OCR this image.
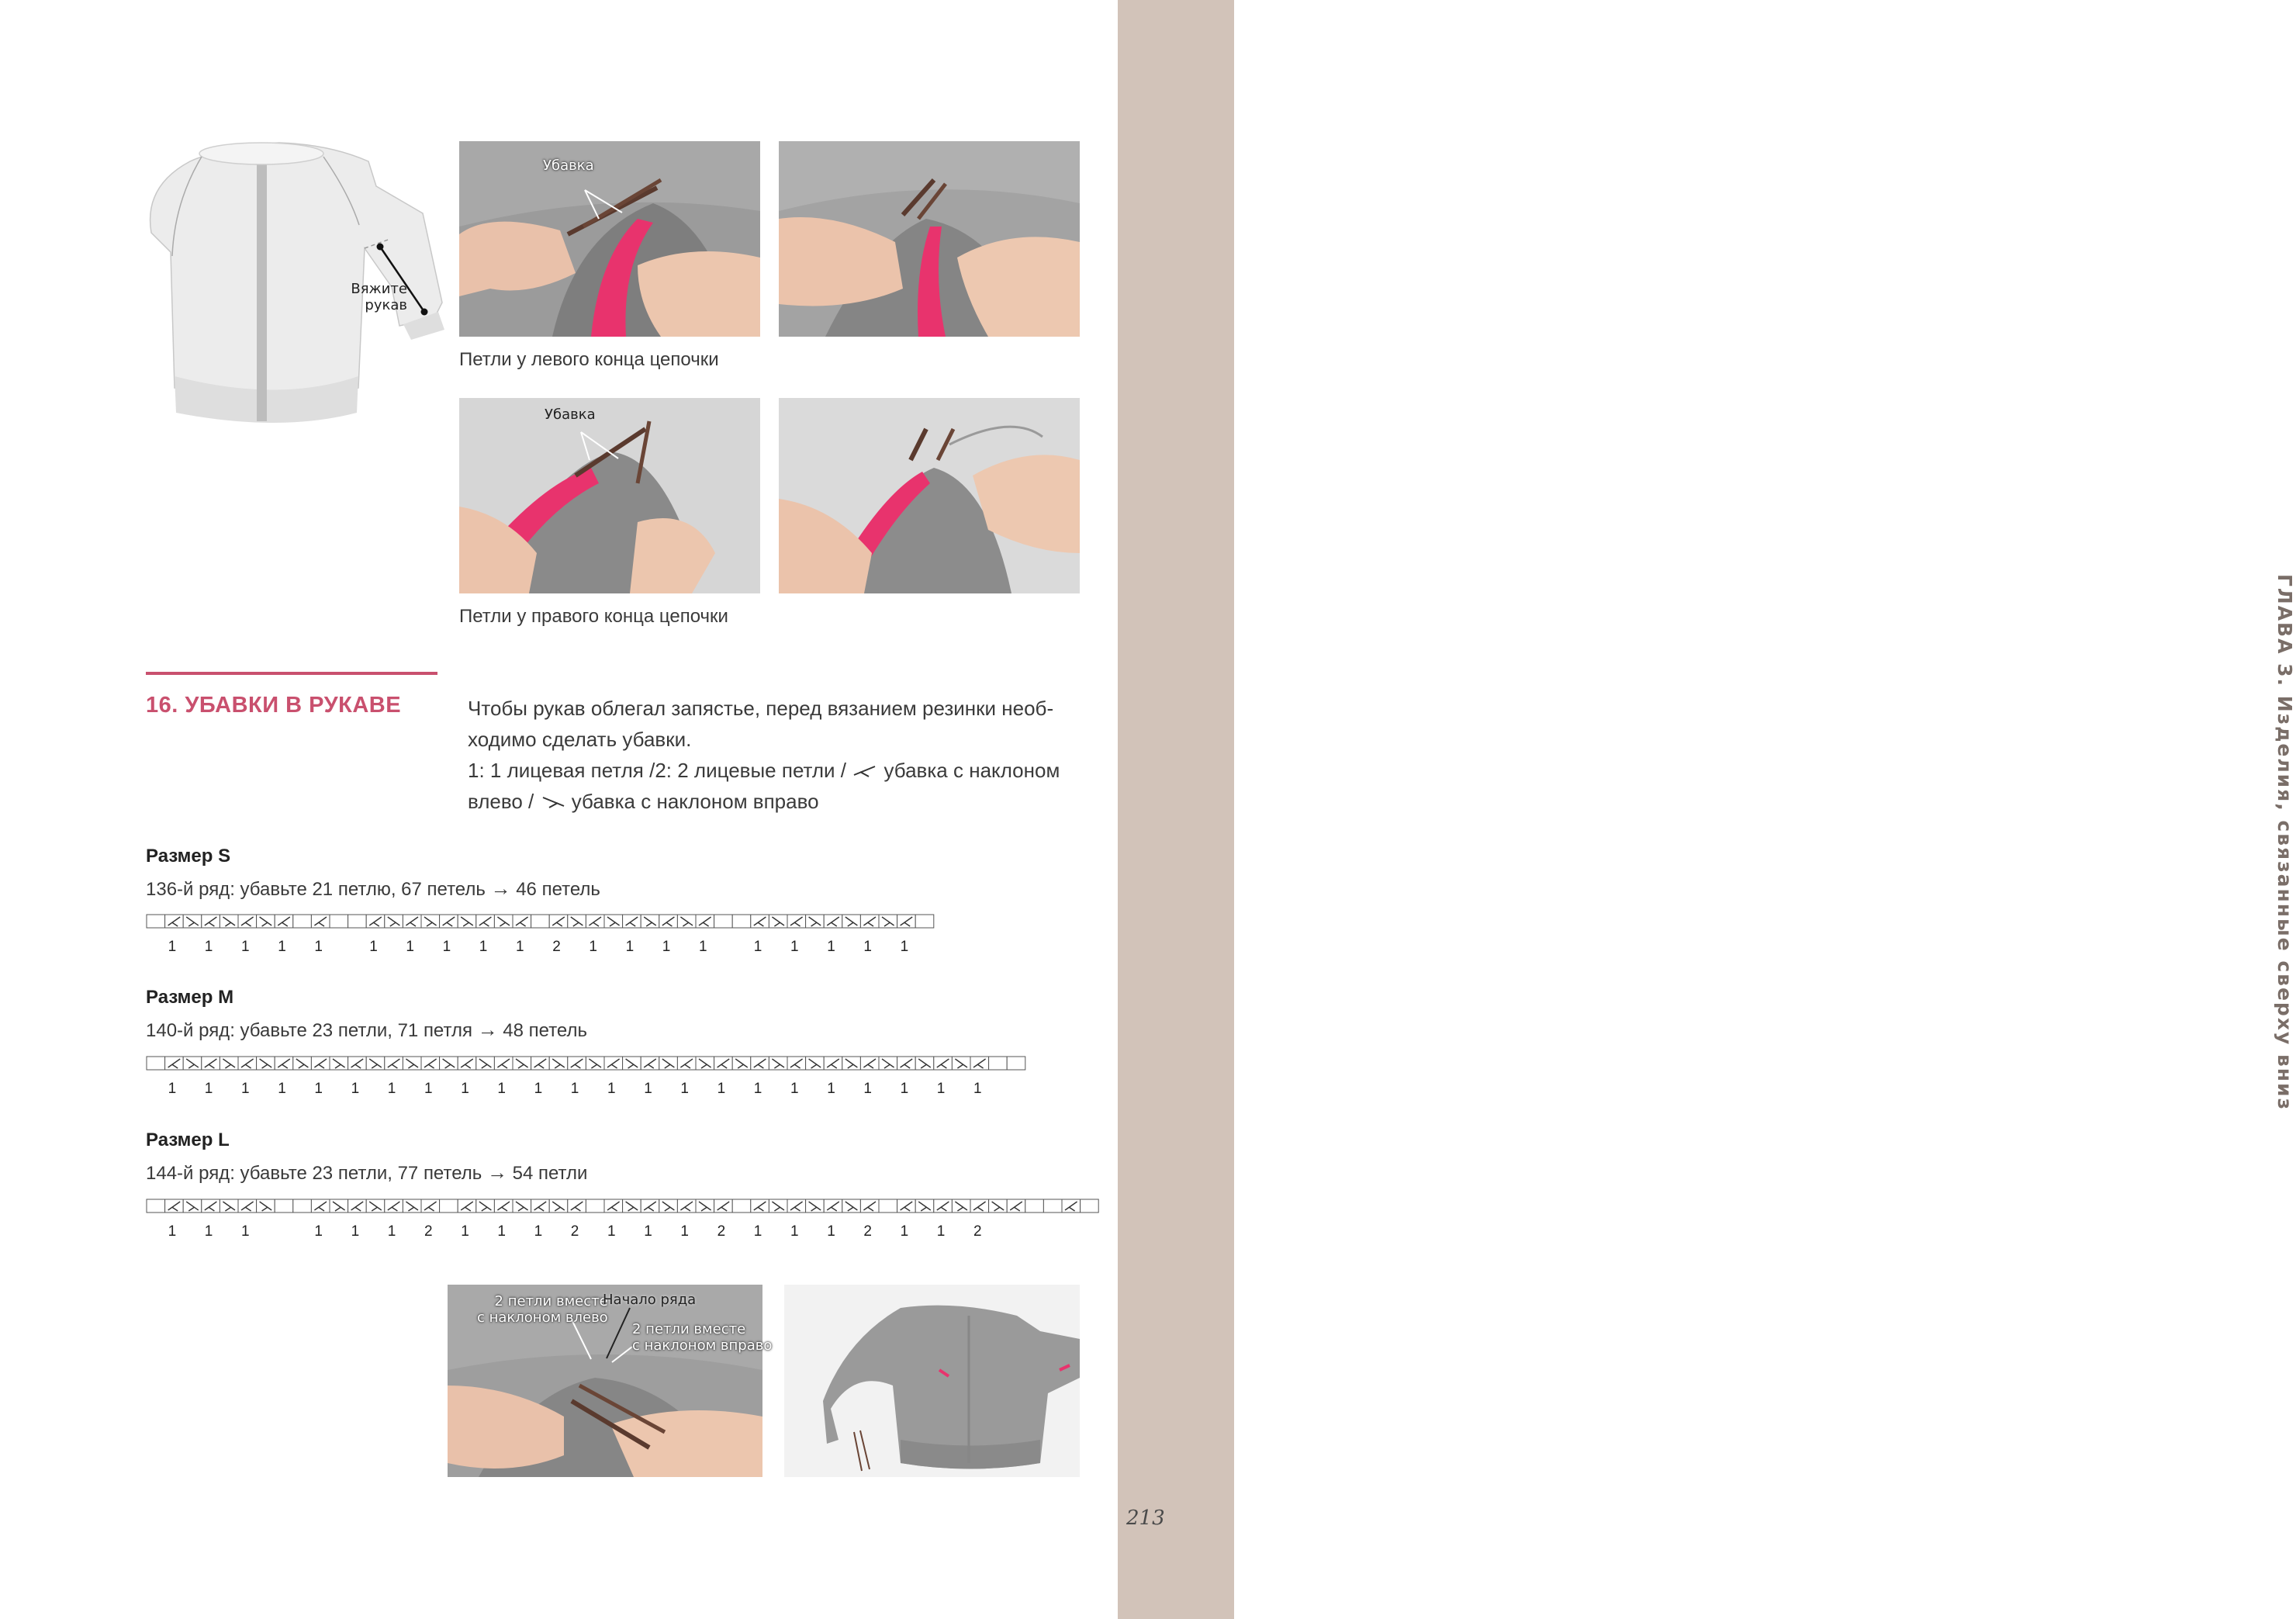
ГЛАВА 3. Изделия, связанные сверху вниз
213
Вяжите рукав
Убавка
Петли у левого конца цепочки
Убавка
Петли у правого конца цепочки
16. УБАВКИ В РУКАВЕ	Чтобы рукав облегал запястье, перед вязанием резинки необ-

ходимо сделать убавки.

1: 1 лицевая петля /2: 2 лицевые петли / убавка с наклоном

влево / убавка с наклоном вправо

Размер S
136-й ряд: убавьте 21 петлю, 67 петель → 46 петель
1 1 1 1 1	1 1 1 1 1 2 1 1 1 1	1 1 1 1 1
Размер M
140-й ряд: убавьте 23 петли, 71 петля → 48 петель
1 1 1 1 1 1 1 1 1 1 1 1 1 1 1 1 1 1 1 1 1 1 1
Размер L
144-й ряд: убавьте 23 петли, 77 петель → 54 петли
1 1 1	1 1 1 2 1 1 1 2 1 1 1 2 1 1 1 2 1 1 2
2 петли вместе
с наклоном влево
Начало ряда
2 петли вместе
с наклоном вправо
